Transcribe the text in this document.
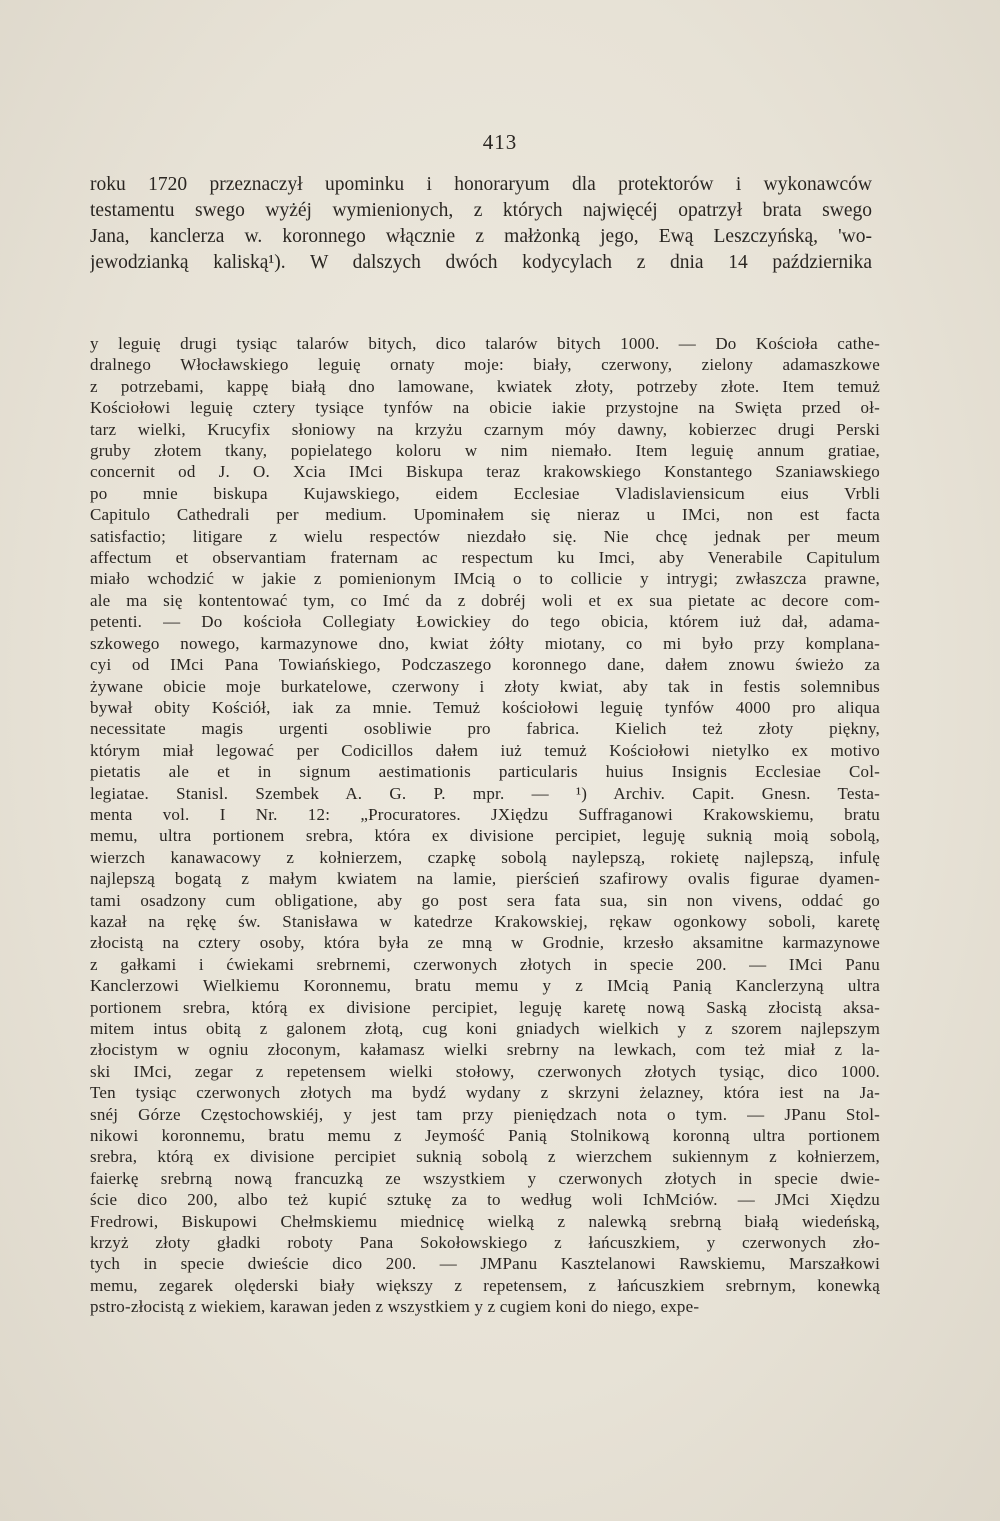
413
roku 1720 przeznaczył upominku i honoraryum dla protektorów i wykonawców
testamentu swego wyżéj wymienionych, z których najwięcéj opatrzył brata swego
Jana, kanclerza w. koronnego włącznie z małżonką jego, Ewą Leszczyńską, 'wo-
jewodzianką kaliską¹). W dalszych dwóch kodycylach z dnia 14 października
y leguię drugi tysiąc talarów bitych, dico talarów bitych 1000. — Do Kościoła cathe-
dralnego Włocławskiego leguię ornaty moje: biały, czerwony, zielony adamaszkowe
z potrzebami, kappę białą dno lamowane, kwiatek złoty, potrzeby złote. Item temuż
Kościołowi leguię cztery tysiące tynfów na obicie iakie przystojne na Swięta przed oł-
tarz wielki, Krucyfix słoniowy na krzyżu czarnym móy dawny, kobierzec drugi Perski
gruby złotem tkany, popielatego koloru w nim niemało. Item leguię annum gratiae,
concernit od J. O. Xcia IMci Biskupa teraz krakowskiego Konstantego Szaniawskiego
po mnie biskupa Kujawskiego, eidem Ecclesiae Vladislaviensicum eius Vrbli
Capitulo Cathedrali per medium. Upominałem się nieraz u IMci, non est facta
satisfactio; litigare z wielu respectów niezdało się. Nie chcę jednak per meum
affectum et observantiam fraternam ac respectum ku Imci, aby Venerabile Capitulum
miało wchodzić w jakie z pomienionym IMcią o to collicie y intrygi; zwłaszcza prawne,
ale ma się kontentować tym, co Imć da z dobréj woli et ex sua pietate ac decore com-
petenti. — Do kościoła Collegiaty Łowickiey do tego obicia, którem iuż dał, adama-
szkowego nowego, karmazynowe dno, kwiat żółty miotany, co mi było przy komplana-
cyi od IMci Pana Towiańskiego, Podczaszego koronnego dane, dałem znowu świeżo za
żywane obicie moje burkatelowe, czerwony i złoty kwiat, aby tak in festis solemnibus
bywał obity Kościół, iak za mnie. Temuż kościołowi leguię tynfów 4000 pro aliqua
necessitate magis urgenti osobliwie pro fabrica. Kielich też złoty piękny,
którym miał legować per Codicillos dałem iuż temuż Kościołowi nietylko ex motivo
pietatis ale et in signum aestimationis particularis huius Insignis Ecclesiae Col-
legiatae. Stanisl. Szembek A. G. P. mpr. — ¹) Archiv. Capit. Gnesn. Testa-
menta vol. I Nr. 12: „Procuratores. JXiędzu Suffraganowi Krakowskiemu, bratu
memu, ultra portionem srebra, która ex divisione percipiet, leguję suknią moią sobolą,
wierzch kanawacowy z kołnierzem, czapkę sobolą naylepszą, rokietę najlepszą, infulę
najlepszą bogatą z małym kwiatem na lamie, pierścień szafirowy ovalis figurae dyamen-
tami osadzony cum obligatione, aby go post sera fata sua, sin non vivens, oddać go
kazał na rękę św. Stanisława w katedrze Krakowskiej, rękaw ogonkowy soboli, karetę
złocistą na cztery osoby, która była ze mną w Grodnie, krzesło aksamitne karmazynowe
z gałkami i ćwiekami srebrnemi, czerwonych złotych in specie 200. — IMci Panu
Kanclerzowi Wielkiemu Koronnemu, bratu memu y z IMcią Panią Kanclerzyną ultra
portionem srebra, którą ex divisione percipiet, leguję karetę nową Saską złocistą aksa-
mitem intus obitą z galonem złotą, cug koni gniadych wielkich y z szorem najlepszym
złocistym w ogniu złoconym, kałamasz wielki srebrny na lewkach, com też miał z la-
ski IMci, zegar z repetensem wielki stołowy, czerwonych złotych tysiąc, dico 1000.
Ten tysiąc czerwonych złotych ma bydź wydany z skrzyni żelazney, która iest na Ja-
snéj Górze Częstochowskiéj, y jest tam przy pieniędzach nota o tym. — JPanu Stol-
nikowi koronnemu, bratu memu z Jeymość Panią Stolnikową koronną ultra portionem
srebra, którą ex divisione percipiet suknią sobolą z wierzchem sukiennym z kołnierzem,
faierkę srebrną nową francuzką ze wszystkiem y czerwonych złotych in specie dwie-
ście dico 200, albo też kupić sztukę za to według woli IchMciów. — JMci Xiędzu
Fredrowi, Biskupowi Chełmskiemu miednicę wielką z nalewką srebrną białą wiedeńską,
krzyż złoty gładki roboty Pana Sokołowskiego z łańcuszkiem, y czerwonych zło-
tych in specie dwieście dico 200. — JMPanu Kasztelanowi Rawskiemu, Marszałkowi
memu, zegarek olęderski biały większy z repetensem, z łańcuszkiem srebrnym, konewką
pstro-złocistą z wiekiem, karawan jeden z wszystkiem y z cugiem koni do niego, expe-
